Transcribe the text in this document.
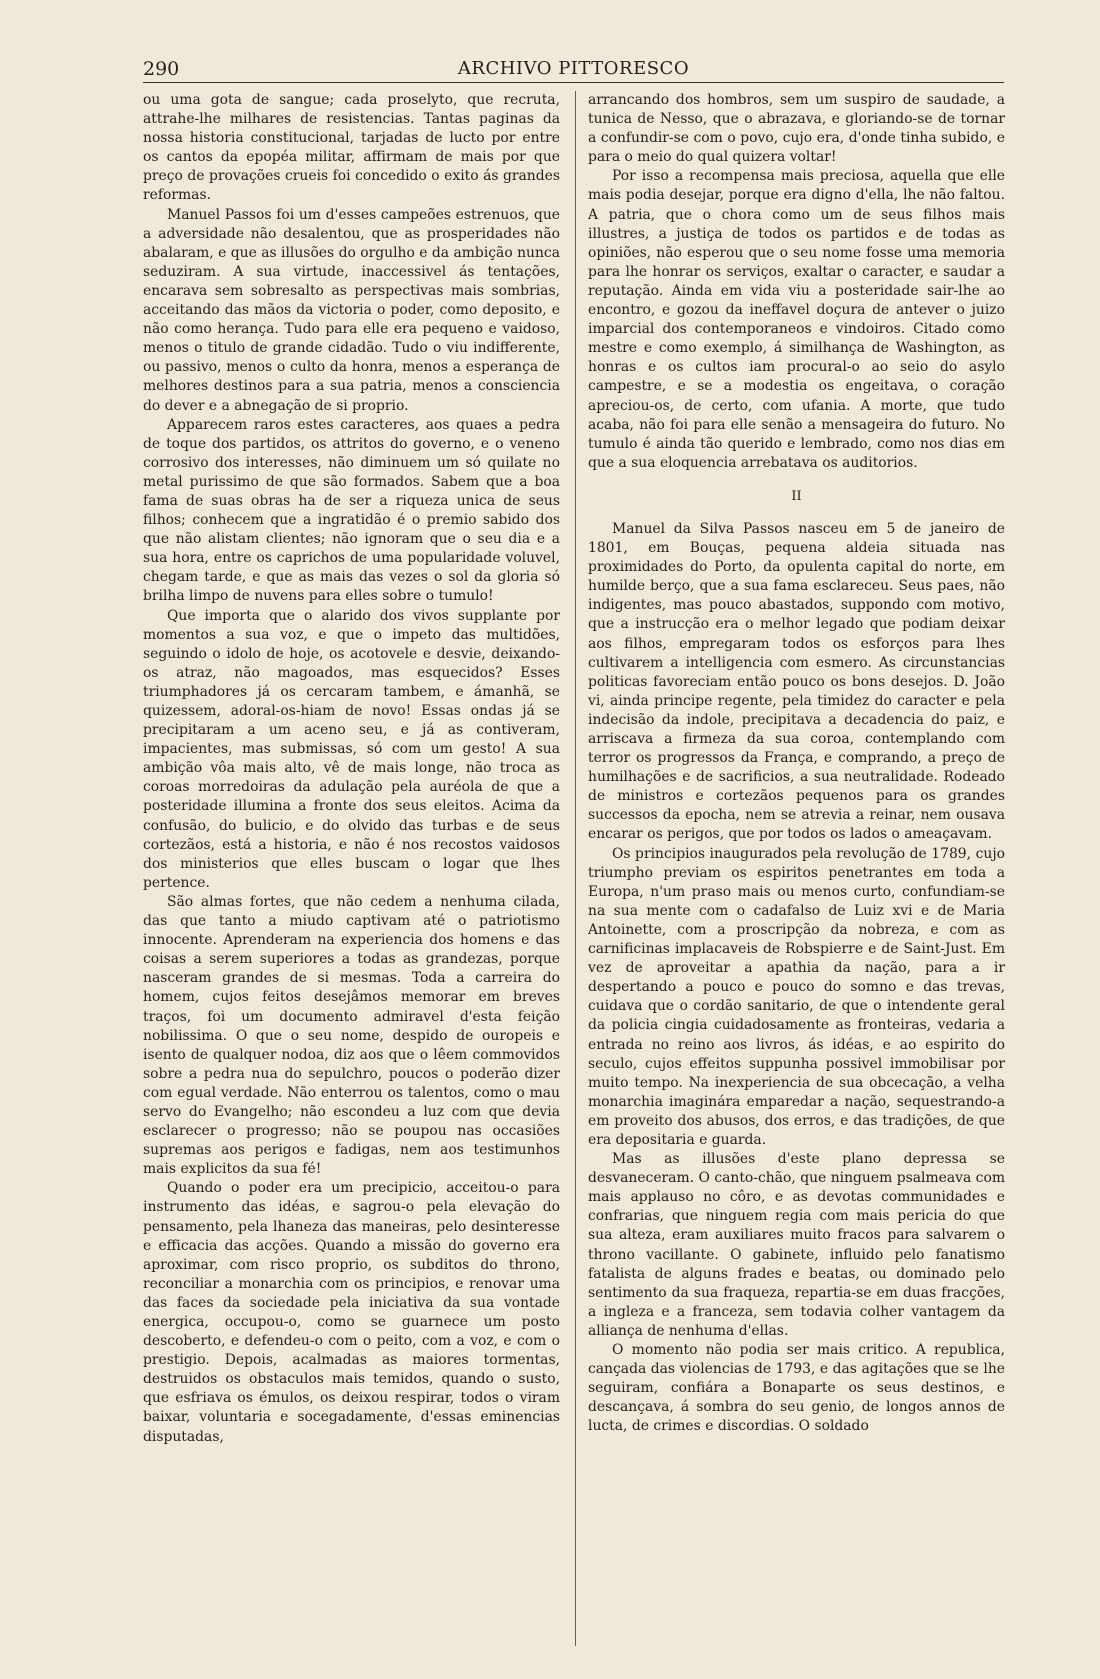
290	ARCHIVO PITTORESCO

ou uma gota de sangue; cada proselyto, que recruta, attrahe-lhe milhares de resistencias. Tantas paginas da nossa historia constitucional, tarjadas de lucto por entre os cantos da epopéa militar, affirmam de mais por que preço de provações crueis foi concedido o exito ás grandes reformas.

Manuel Passos foi um d'esses campeões estrenuos, que a adversidade não desalentou, que as prosperidades não abalaram, e que as illusões do orgulho e da ambição nunca seduziram. A sua virtude, inaccessivel ás tentações, encarava sem sobresalto as perspectivas mais sombrias, acceitando das mãos da victoria o poder, como deposito, e não como herança. Tudo para elle era pequeno e vaidoso, menos o titulo de grande cidadão. Tudo o viu indifferente, ou passivo, menos o culto da honra, menos a esperança de melhores destinos para a sua patria, menos a consciencia do dever e a abnegação de si proprio.

Apparecem raros estes caracteres, aos quaes a pedra de toque dos partidos, os attritos do governo, e o veneno corrosivo dos interesses, não diminuem um só quilate no metal purissimo de que são formados. Sabem que a boa fama de suas obras ha de ser a riqueza unica de seus filhos; conhecem que a ingratidão é o premio sabido dos que não alistam clientes; não ignoram que o seu dia e a sua hora, entre os caprichos de uma popularidade voluvel, chegam tarde, e que as mais das vezes o sol da gloria só brilha limpo de nuvens para elles sobre o tumulo!

Que importa que o alarido dos vivos supplante por momentos a sua voz, e que o impeto das multidões, seguindo o idolo de hoje, os acotovele e desvie, deixando-os atraz, não magoados, mas esquecidos? Esses triumphadores já os cercaram tambem, e ámanhã, se quizessem, adoral-os-hiam de novo! Essas ondas já se precipitaram a um aceno seu, e já as contiveram, impacientes, mas submissas, só com um gesto! A sua ambição vôa mais alto, vê de mais longe, não troca as coroas morredoiras da adulação pela auréola de que a posteridade illumina a fronte dos seus eleitos. Acima da confusão, do bulicio, e do olvido das turbas e de seus cortezãos, está a historia, e não é nos recostos vaidosos dos ministerios que elles buscam o logar que lhes pertence.

São almas fortes, que não cedem a nenhuma cilada, das que tanto a miudo captivam até o patriotismo innocente. Aprenderam na experiencia dos homens e das coisas a serem superiores a todas as grandezas, porque nasceram grandes de si mesmas. Toda a carreira do homem, cujos feitos desejâmos memorar em breves traços, foi um documento admiravel d'esta feição nobilissima. O que o seu nome, despido de ouropeis e isento de qualquer nodoa, diz aos que o lêem commovidos sobre a pedra nua do sepulchro, poucos o poderão dizer com egual verdade. Não enterrou os talentos, como o mau servo do Evangelho; não escondeu a luz com que devia esclarecer o progresso; não se poupou nas occasiões supremas aos perigos e fadigas, nem aos testimunhos mais explicitos da sua fé!

Quando o poder era um precipicio, acceitou-o para instrumento das idéas, e sagrou-o pela elevação do pensamento, pela lhaneza das maneiras, pelo desinteresse e efficacia das acções. Quando a missão do governo era aproximar, com risco proprio, os subditos do throno, reconciliar a monarchia com os principios, e renovar uma das faces da sociedade pela iniciativa da sua vontade energica, occupou-o, como se guarnece um posto descoberto, e defendeu-o com o peito, com a voz, e com o prestigio. Depois, acalmadas as maiores tormentas, destruidos os obstaculos mais temidos, quando o susto, que esfriava os émulos, os deixou respirar, todos o viram baixar, voluntaria e socegadamente, d'essas eminencias disputadas,

arrancando dos hombros, sem um suspiro de saudade, a tunica de Nesso, que o abrazava, e gloriando-se de tornar a confundir-se com o povo, cujo era, d'onde tinha subido, e para o meio do qual quizera voltar!

Por isso a recompensa mais preciosa, aquella que elle mais podia desejar, porque era digno d'ella, lhe não faltou. A patria, que o chora como um de seus filhos mais illustres, a justiça de todos os partidos e de todas as opiniões, não esperou que o seu nome fosse uma memoria para lhe honrar os serviços, exaltar o caracter, e saudar a reputação. Ainda em vida viu a posteridade sair-lhe ao encontro, e gozou da ineffavel doçura de antever o juizo imparcial dos contemporaneos e vindoiros. Citado como mestre e como exemplo, á similhança de Washington, as honras e os cultos iam procural-o ao seio do asylo campestre, e se a modestia os engeitava, o coração apreciou-os, de certo, com ufania. A morte, que tudo acaba, não foi para elle senão a mensageira do futuro. No tumulo é ainda tão querido e lembrado, como nos dias em que a sua eloquencia arrebatava os auditorios.

II

Manuel da Silva Passos nasceu em 5 de janeiro de 1801, em Bouças, pequena aldeia situada nas proximidades do Porto, da opulenta capital do norte, em humilde berço, que a sua fama esclareceu. Seus paes, não indigentes, mas pouco abastados, suppondo com motivo, que a instrucção era o melhor legado que podiam deixar aos filhos, empregaram todos os esforços para lhes cultivarem a intelligencia com esmero. As circunstancias politicas favoreciam então pouco os bons desejos. D. João vi, ainda principe regente, pela timidez do caracter e pela indecisão da indole, precipitava a decadencia do paiz, e arriscava a firmeza da sua coroa, contemplando com terror os progressos da França, e comprando, a preço de humilhações e de sacrificios, a sua neutralidade. Rodeado de ministros e cortezãos pequenos para os grandes successos da epocha, nem se atrevia a reinar, nem ousava encarar os perigos, que por todos os lados o ameaçavam.

Os principios inaugurados pela revolução de 1789, cujo triumpho previam os espiritos penetrantes em toda a Europa, n'um praso mais ou menos curto, confundiam-se na sua mente com o cadafalso de Luiz xvi e de Maria Antoinette, com a proscripção da nobreza, e com as carnificinas implacaveis de Robspierre e de Saint-Just. Em vez de aproveitar a apathia da nação, para a ir despertando a pouco e pouco do somno e das trevas, cuidava que o cordão sanitario, de que o intendente geral da policia cingia cuidadosamente as fronteiras, vedaria a entrada no reino aos livros, ás idéas, e ao espirito do seculo, cujos effeitos suppunha possivel immobilisar por muito tempo. Na inexperiencia de sua obcecação, a velha monarchia imaginára emparedar a nação, sequestrando-a em proveito dos abusos, dos erros, e das tradições, de que era depositaria e guarda.

Mas as illusões d'este plano depressa se desvaneceram. O canto-chão, que ninguem psalmeava com mais applauso no côro, e as devotas communidades e confrarias, que ninguem regia com mais pericia do que sua alteza, eram auxiliares muito fracos para salvarem o throno vacillante. O gabinete, influido pelo fanatismo fatalista de alguns frades e beatas, ou dominado pelo sentimento da sua fraqueza, repartia-se em duas fracções, a ingleza e a franceza, sem todavia colher vantagem da alliança de nenhuma d'ellas.

O momento não podia ser mais critico. A republica, cançada das violencias de 1793, e das agitações que se lhe seguiram, confiára a Bonaparte os seus destinos, e descançava, á sombra do seu genio, de longos annos de lucta, de crimes e discordias. O soldado
